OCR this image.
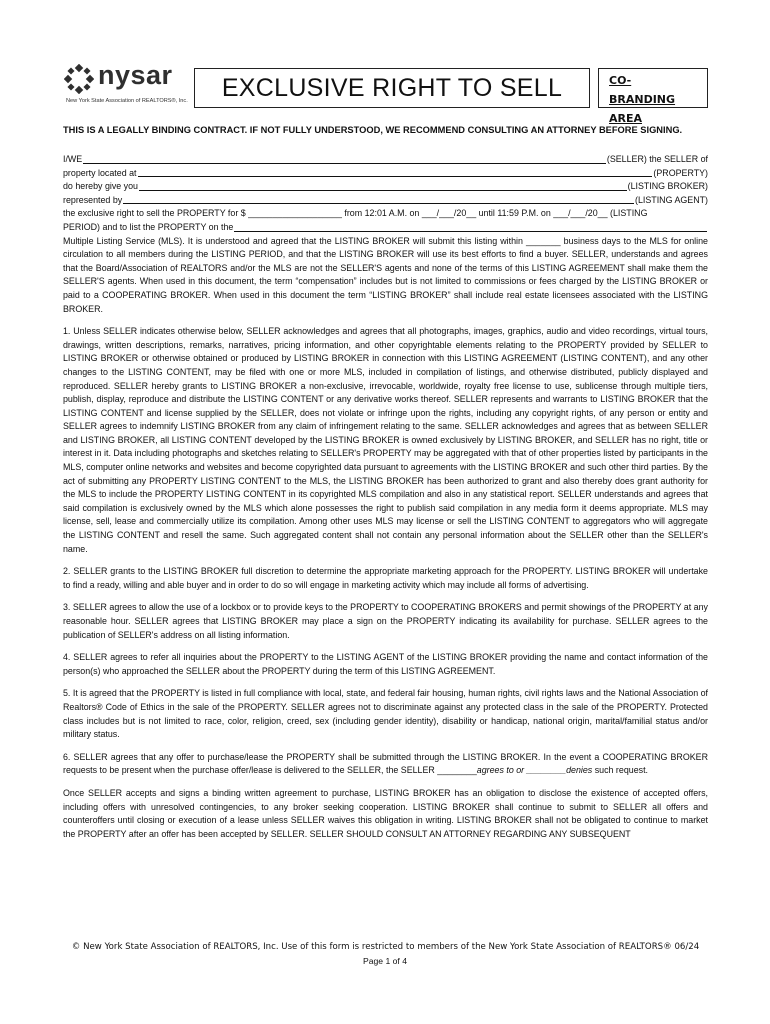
nysar
New York State Association of REALTORS®, Inc.	EXCLUSIVE RIGHT TO SELL	CO-BRANDING AREA
THIS IS A LEGALLY BINDING CONTRACT. IF NOT FULLY UNDERSTOOD, WE RECOMMEND CONSULTING AN ATTORNEY BEFORE SIGNING.
I/WE	(SELLER) the SELLER of
property located at	(PROPERTY)
do hereby give you	(LISTING BROKER)
represented by	(LISTING AGENT)
the exclusive right to sell the PROPERTY for $ ___________________ from 12:01 A.M. on ___/___/20__ until 11:59 P.M. on ___/___/20__ (LISTING
PERIOD) and to list the PROPERTY on the

Multiple Listing Service (MLS). It is understood and agreed that the LISTING BROKER will submit this listing within _______ business days to the MLS for online circulation to all members during the LISTING PERIOD, and that the LISTING BROKER will use its best efforts to find a buyer. SELLER, understands and agrees that the Board/Association of REALTORS and/or the MLS are not the SELLER'S agents and none of the terms of this LISTING AGREEMENT shall make them the SELLER'S agents. When used in this document, the term “compensation” includes but is not limited to commissions or fees charged by the LISTING BROKER or paid to a COOPERATING BROKER. When used in this document the term “LISTING BROKER” shall include real estate licensees associated with the LISTING BROKER.

1. Unless SELLER indicates otherwise below, SELLER acknowledges and agrees that all photographs, images, graphics, audio and video recordings, virtual tours, drawings, written descriptions, remarks, narratives, pricing information, and other copyrightable elements relating to the PROPERTY provided by SELLER to LISTING BROKER or otherwise obtained or produced by LISTING BROKER in connection with this LISTING AGREEMENT (LISTING CONTENT), and any other changes to the LISTING CONTENT, may be filed with one or more MLS, included in compilation of listings, and otherwise distributed, publicly displayed and reproduced. SELLER hereby grants to LISTING BROKER a non-exclusive, irrevocable, worldwide, royalty free license to use, sublicense through multiple tiers, publish, display, reproduce and distribute the LISTING CONTENT or any derivative works thereof. SELLER represents and warrants to LISTING BROKER that the LISTING CONTENT and license supplied by the SELLER, does not violate or infringe upon the rights, including any copyright rights, of any person or entity and SELLER agrees to indemnify LISTING BROKER from any claim of infringement relating to the same. SELLER acknowledges and agrees that as between SELLER and LISTING BROKER, all LISTING CONTENT developed by the LISTING BROKER is owned exclusively by LISTING BROKER, and SELLER has no right, title or interest in it. Data including photographs and sketches relating to SELLER's PROPERTY may be aggregated with that of other properties listed by participants in the MLS, computer online networks and websites and become copyrighted data pursuant to agreements with the LISTING BROKER and such other third parties. By the act of submitting any PROPERTY LISTING CONTENT to the MLS, the LISTING BROKER has been authorized to grant and also thereby does grant authority for the MLS to include the PROPERTY LISTING CONTENT in its copyrighted MLS compilation and also in any statistical report. SELLER understands and agrees that said compilation is exclusively owned by the MLS which alone possesses the right to publish said compilation in any media form it deems appropriate. MLS may license, sell, lease and commercially utilize its compilation. Among other uses MLS may license or sell the LISTING CONTENT to aggregators who will aggregate the LISTING CONTENT and resell the same. Such aggregated content shall not contain any personal information about the SELLER other than the SELLER's name.

2. SELLER grants to the LISTING BROKER full discretion to determine the appropriate marketing approach for the PROPERTY. LISTING BROKER will undertake to find a ready, willing and able buyer and in order to do so will engage in marketing activity which may include all forms of advertising.

3. SELLER agrees to allow the use of a lockbox or to provide keys to the PROPERTY to COOPERATING BROKERS and permit showings of the PROPERTY at any reasonable hour. SELLER agrees that LISTING BROKER may place a sign on the PROPERTY indicating its availability for purchase. SELLER agrees to the publication of SELLER's address on all listing information.

4. SELLER agrees to refer all inquiries about the PROPERTY to the LISTING AGENT of the LISTING BROKER providing the name and contact information of the person(s) who approached the SELLER about the PROPERTY during the term of this LISTING AGREEMENT.

5. It is agreed that the PROPERTY is listed in full compliance with local, state, and federal fair housing, human rights, civil rights laws and the National Association of Realtors® Code of Ethics in the sale of the PROPERTY. SELLER agrees not to discriminate against any protected class in the sale of the PROPERTY. Protected class includes but is not limited to race, color, religion, creed, sex (including gender identity), disability or handicap, national origin, marital/familial status and/or military status.

6. SELLER agrees that any offer to purchase/lease the PROPERTY shall be submitted through the LISTING BROKER. In the event a COOPERATING BROKER requests to be present when the purchase offer/lease is delivered to the SELLER, the SELLER ________agrees to or ________denies such request.

Once SELLER accepts and signs a binding written agreement to purchase, LISTING BROKER has an obligation to disclose the existence of accepted offers, including offers with unresolved contingencies, to any broker seeking cooperation. LISTING BROKER shall continue to submit to SELLER all offers and counteroffers until closing or execution of a lease unless SELLER waives this obligation in writing. LISTING BROKER shall not be obligated to continue to market the PROPERTY after an offer has been accepted by SELLER. SELLER SHOULD CONSULT AN ATTORNEY REGARDING ANY SUBSEQUENT

© New York State Association of REALTORS, Inc. Use of this form is restricted to members of the New York State Association of REALTORS® 06/24
Page 1 of 4
